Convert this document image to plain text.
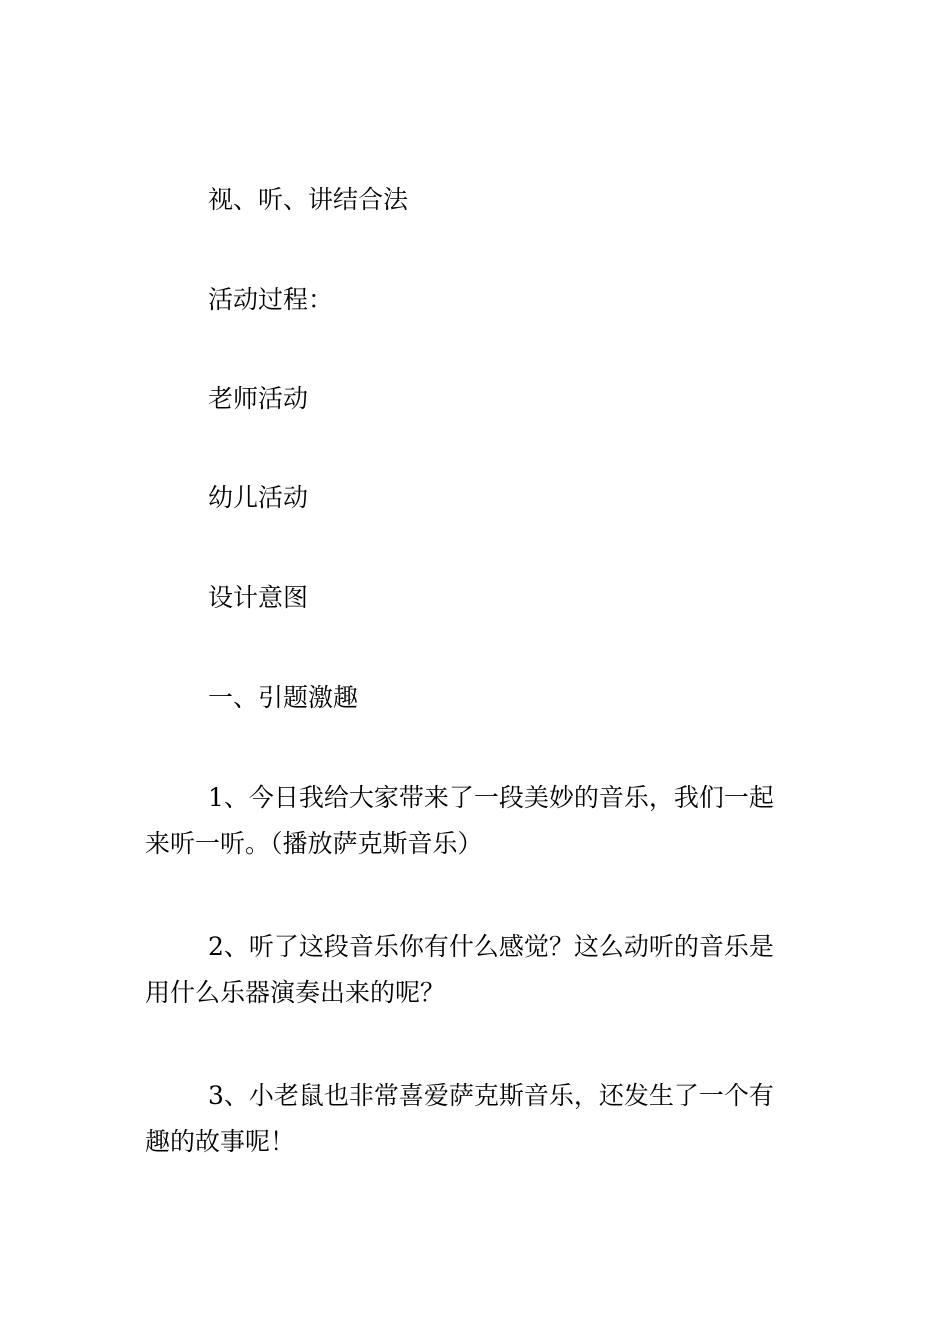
视、听、讲结合法
活动过程：
老师活动
幼儿活动
设计意图
一、引题激趣
1、今日我给大家带来了一段美妙的音乐，我们一起
来听一听。（播放萨克斯音乐）
2、听了这段音乐你有什么感觉？这么动听的音乐是
用什么乐器演奏出来的呢？
3、小老鼠也非常喜爱萨克斯音乐，还发生了一个有
趣的故事呢！
